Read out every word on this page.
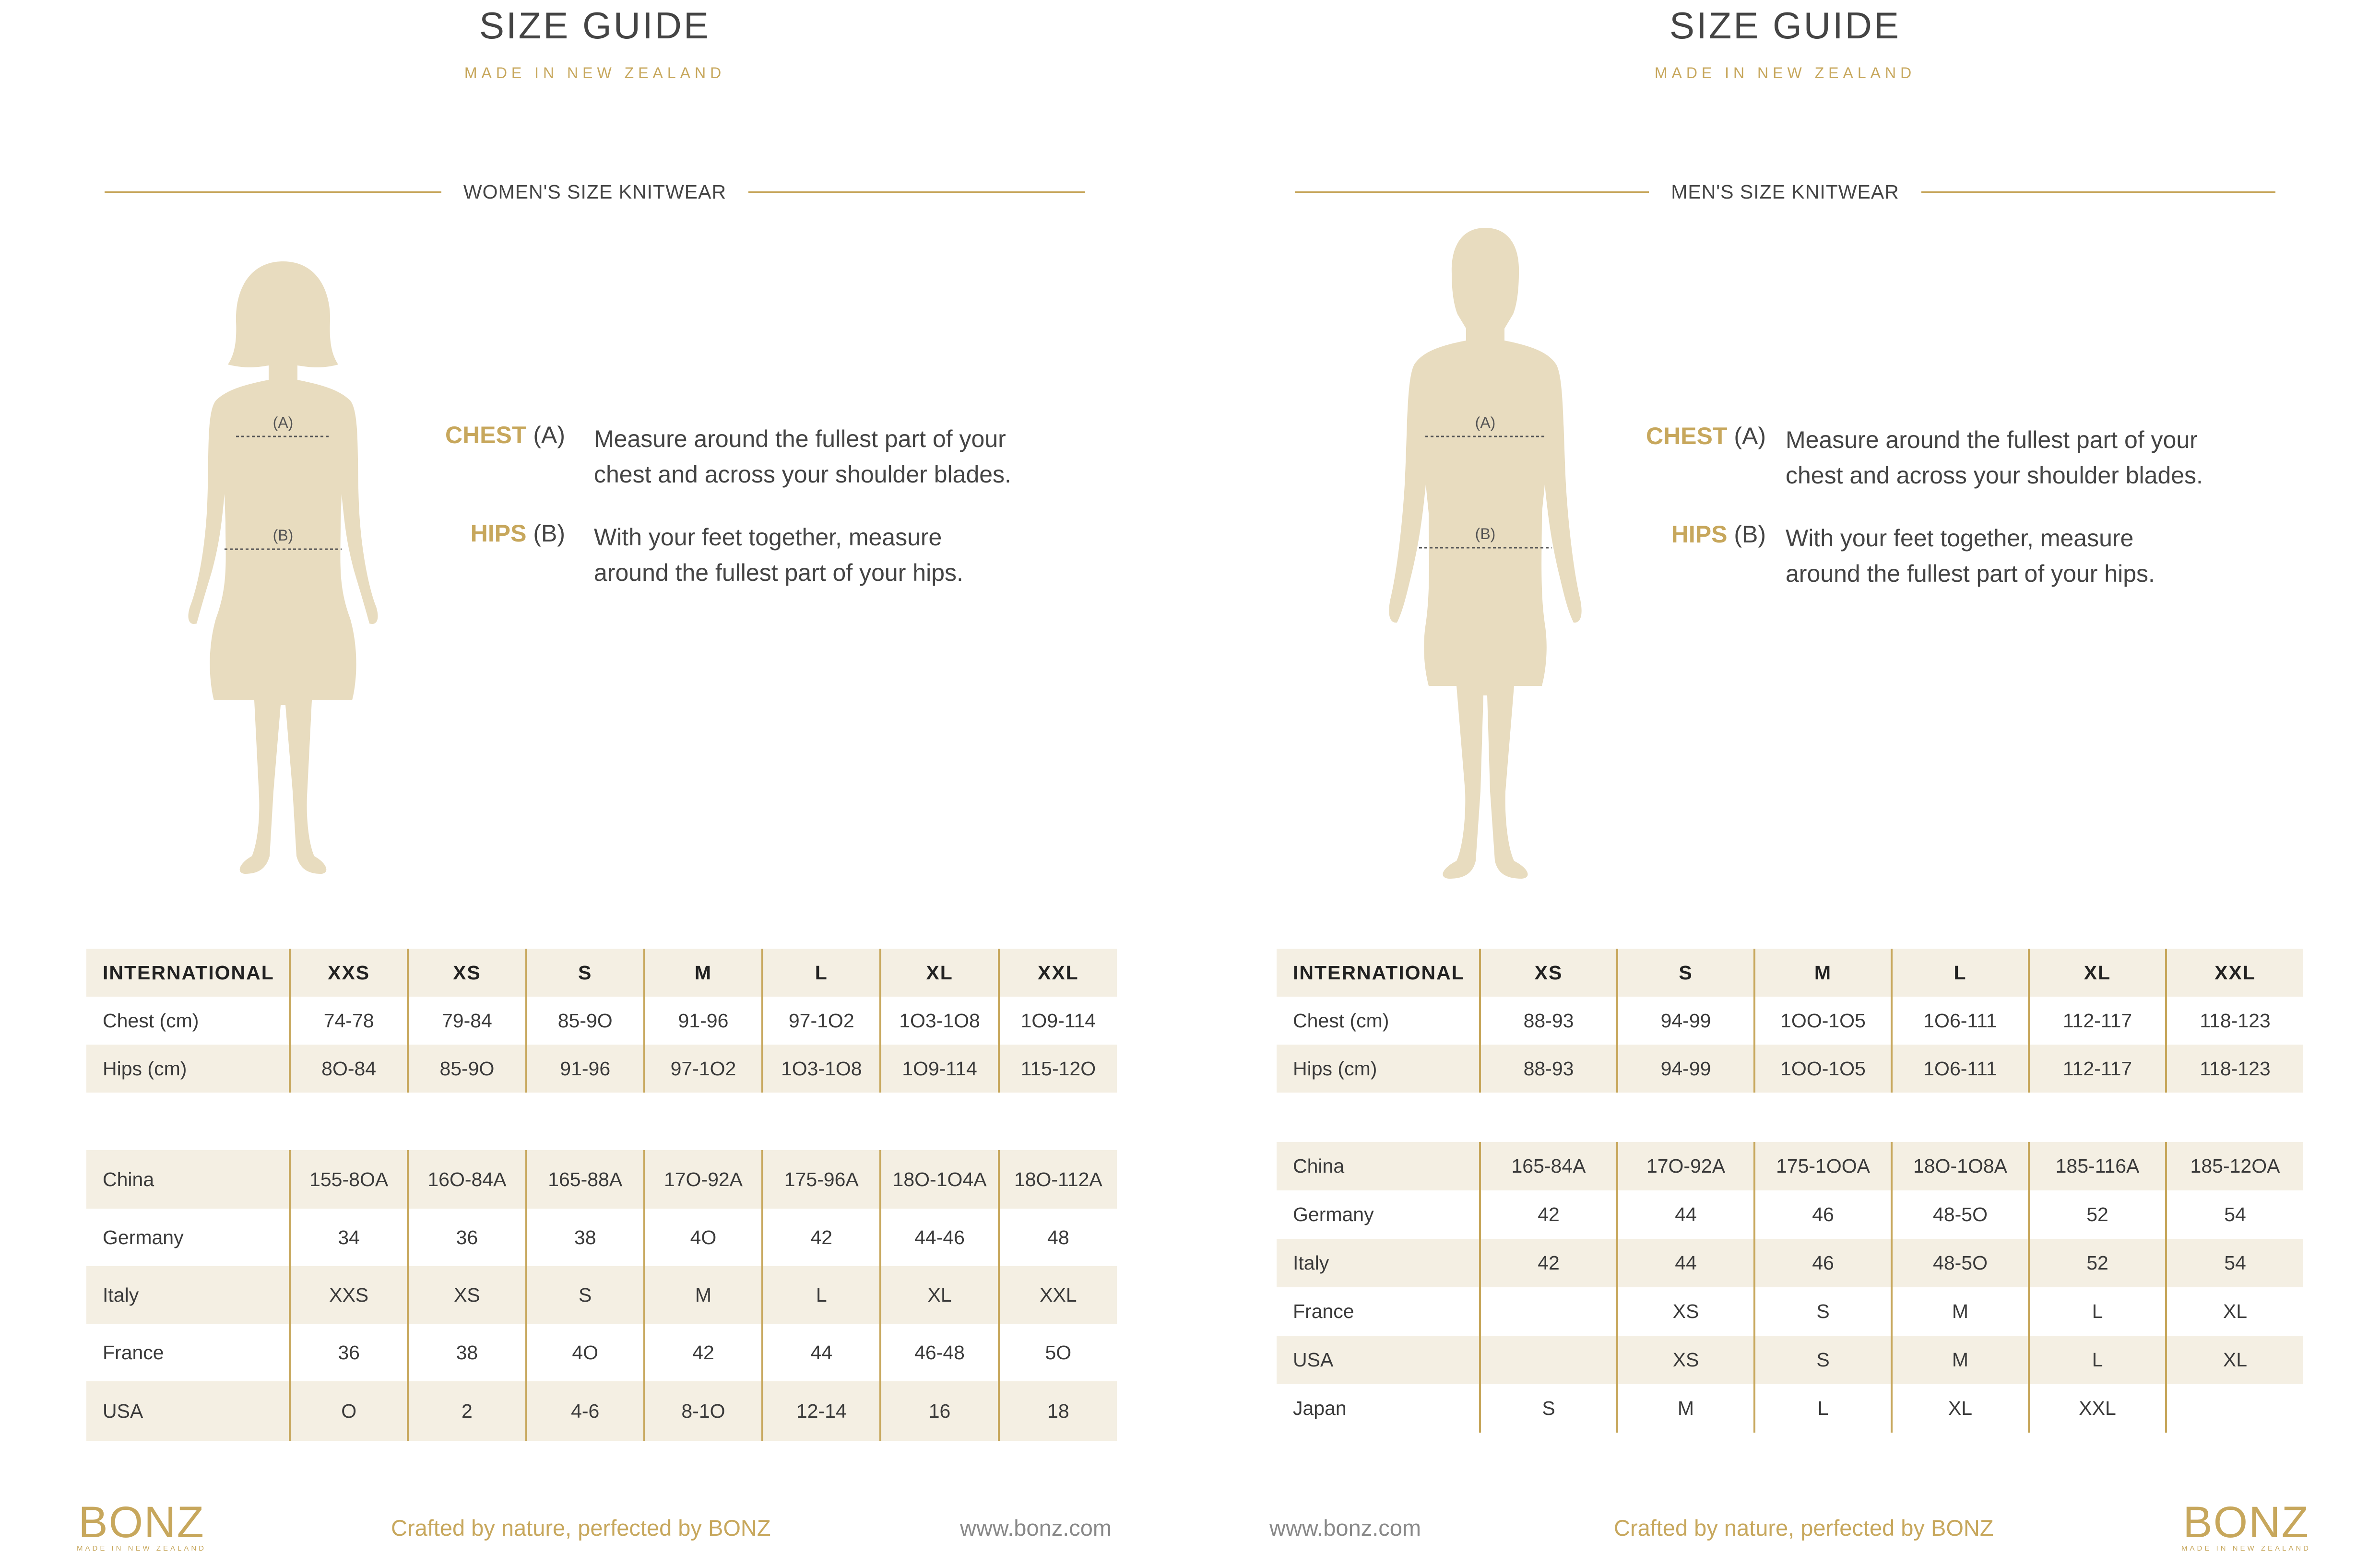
SIZE GUIDE
MADE IN NEW ZEALAND
WOMEN'S SIZE KNITWEAR
(A)
(B)
CHEST (A) Measure around the fullest part of your
chest and across your shoulder blades.
HIPS (B) With your feet together, measure
around the fullest part of your hips.
INTERNATIONAL	XXS	XS	S	M	L	XL	XXL
Chest (cm)	74-78	79-84	85-9O	91-96	97-1O2	1O3-1O8	1O9-114
Hips (cm)	8O-84	85-9O	91-96	97-1O2	1O3-1O8	1O9-114	115-12O
China	155-8OA	16O-84A	165-88A	17O-92A	175-96A	18O-1O4A	18O-112A
Germany	34	36	38	4O	42	44-46	48
Italy	XXS	XS	S	M	L	XL	XXL
France	36	38	4O	42	44	46-48	5O
USA	O	2	4-6	8-1O	12-14	16	18
BONZ
MADE IN NEW ZEALAND
Crafted by nature, perfected by BONZ	www.bonz.com
SIZE GUIDE
MADE IN NEW ZEALAND
MEN'S SIZE KNITWEAR
(A)
(B)
CHEST (A) Measure around the fullest part of your
chest and across your shoulder blades.
HIPS (B) With your feet together, measure
around the fullest part of your hips.
INTERNATIONAL	XS	S	M	L	XL	XXL
Chest (cm)	88-93	94-99	1OO-1O5	1O6-111	112-117	118-123
Hips (cm)	88-93	94-99	1OO-1O5	1O6-111	112-117	118-123
China	165-84A	17O-92A	175-1OOA	18O-1O8A	185-116A	185-12OA
Germany	42	44	46	48-5O	52	54
Italy	42	44	46	48-5O	52	54
France		XS	S	M	L	XL
USA		XS	S	M	L	XL
Japan	S	M	L	XL	XXL	
www.bonz.com	Crafted by nature, perfected by BONZ	BONZ
MADE IN NEW ZEALAND
